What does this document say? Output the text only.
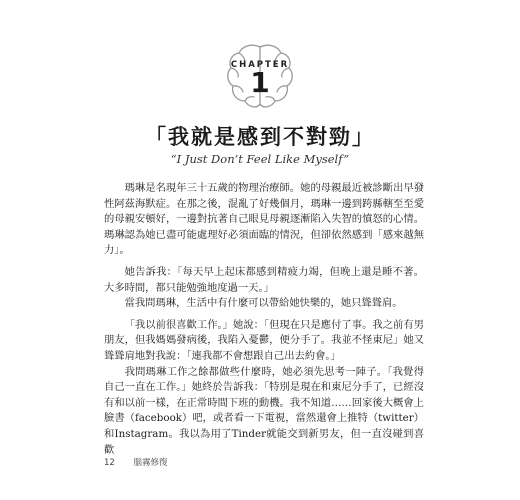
CHAPTER
1
「我就是感到不對勁」
“I Just Don’t Feel Like Myself”

瑪琳是名現年三十五歲的物理治療師。她的母親最近被診斷出早發性阿茲海默症。在那之後，混亂了好幾個月，瑪琳一邊到跨縣轄至至愛的母親安頓好，一邊對抗著自己眼見母親逐漸陷入失智的憤怒的心情。瑪琳認為她已盡可能處理好必須面臨的情況，但卻依然感到「感來越無力」。

她告訴我：「每天早上起床都感到精疲力竭，但晚上還是睡不著。大多時間，都只能勉強地度過一天。」

當我問瑪琳，生活中有什麼可以帶給她快樂的，她只聳聳肩。

「我以前很喜歡工作。」她說：「但現在只是應付了事。我之前有男朋友，但我媽媽發病後，我陷入憂鬱，便分手了。我並不怪東尼」她又聳聳肩地對我說：「連我都不會想跟自己出去約會。」

我問瑪琳工作之餘都做些什麼時，她必須先思考一陣子。「我覺得自己一直在工作。」她終於告訴我：「特別是現在和東尼分手了，已經沒有和以前一樣，在正常時間下班的動機。我不知道……回家後大概會上臉書（facebook）吧，或者看一下電視，當然還會上推特（twitter）和Instagram。我以為用了Tinder就能交到新男友，但一直沒碰到喜歡

12 腦霧修復
